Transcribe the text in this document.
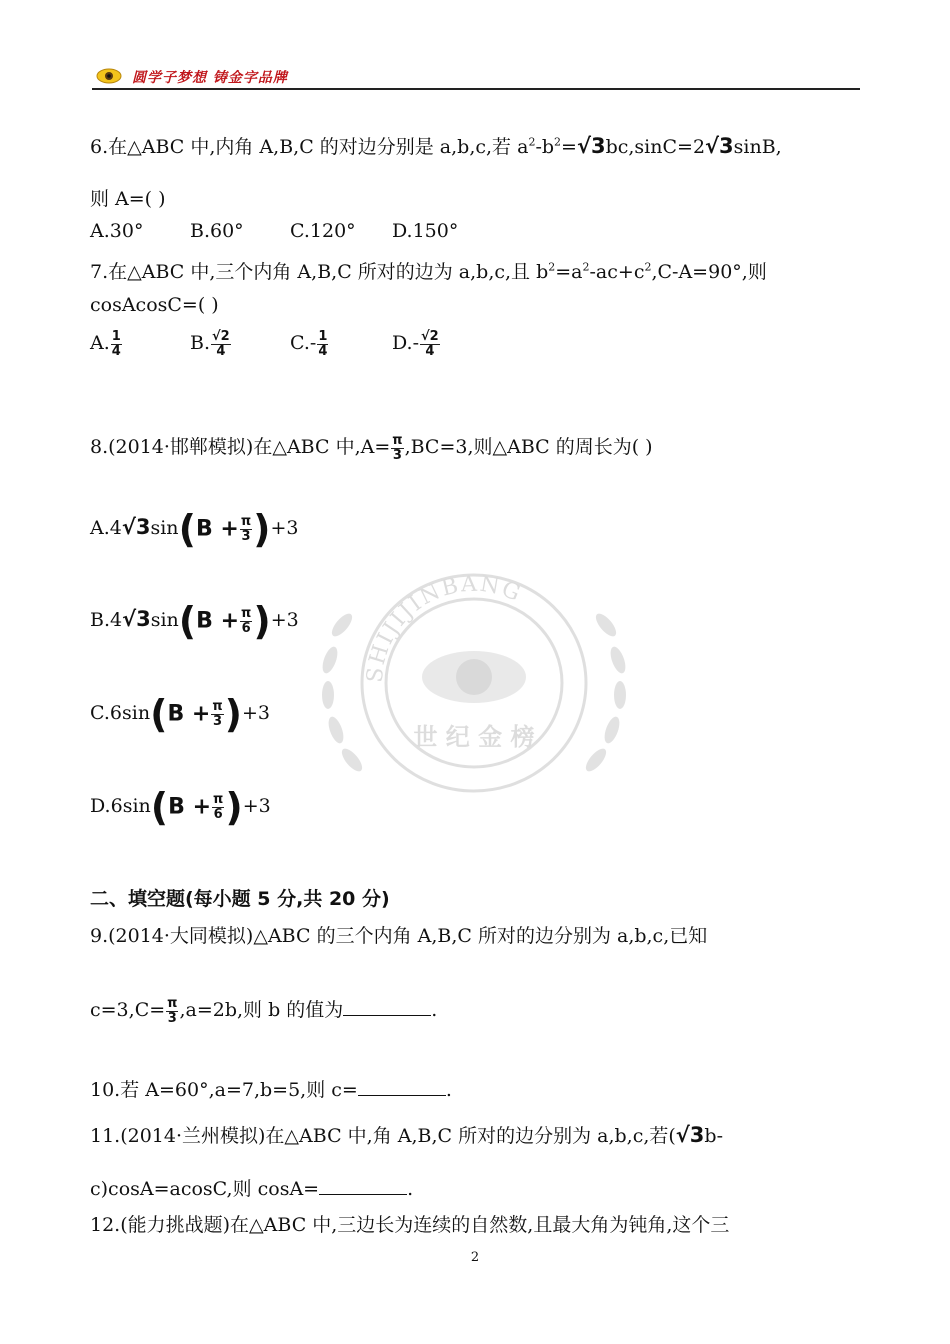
圆学子梦想 铸金字品牌
SHIJIJINBANG
世 纪 金 榜
6.在△ABC 中,内角 A,B,C 的对边分别是 a,b,c,若 $a^2-b^2=√3bc,\sin C=2√3\sin B$,
则 A=( )
A.30° B.60° C.120° D.150°
7.在△ABC 中,三个内角 A,B,C 所对的边为 a,b,c,且 $b^2=a^2-ac+c^2,C-A=90^\circ$,则
cosAcosC=( )
A. $\frac{1}{4}$	B. $\frac{√2}{4}$	$C.- \frac{1}{4}$	$D.- \frac{√2}{4}$
8.(2014·邯郸模拟)在△ABC 中$,A= \frac{\pi}{3} ,BC=3$,则△ABC 的周长为( )
$A.4√3\sin(B + \frac{\pi}{3} )+3$
$B.4√3\sin(B + \frac{\pi}{6} )+3$
$C.6\sin(B + \frac{\pi}{3} )+3$
$D.6\sin(B + \frac{\pi}{6} )+3$
二、填空题(每小题 5 分,共 20 分)
9.(2014·大同模拟)△ABC 的三个内角 A,B,C 所对的边分别为 a,b,c,已知
$c=3,C= \frac{\pi}{3} ,a=2b$,则 b 的值为	.
10.若 A=60°,a=7,b=5,则 c=	.
11.(2014·兰州模拟)在△ABC 中,角 A,B,C 所对的边分别为 a,b,c,若(√3b-
c)cosA=acosC,则 cosA=	.
12.(能力挑战题)在△ABC 中,三边长为连续的自然数,且最大角为钝角,这个三
2
